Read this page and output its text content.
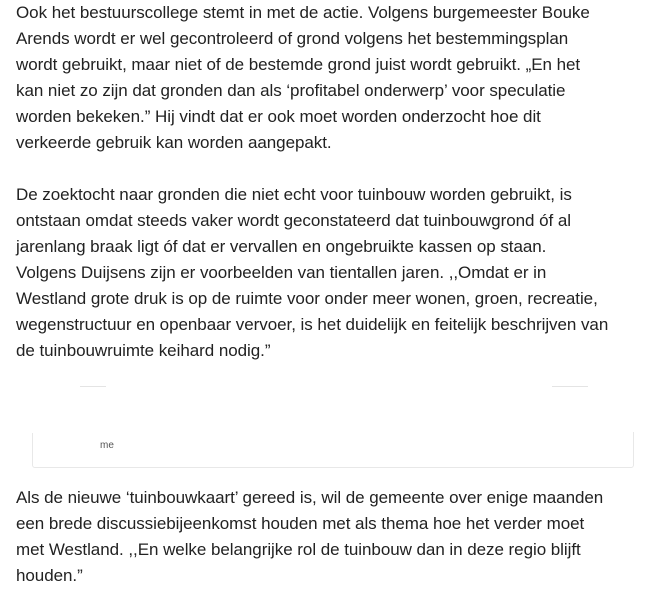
Ook het bestuurscollege stemt in met de actie. Volgens burgemeester Bouke
Arends wordt er wel gecontroleerd of grond volgens het bestemmingsplan
wordt gebruikt, maar niet of de bestemde grond juist wordt gebruikt. „En het
kan niet zo zijn dat gronden dan als ‘profitabel onderwerp’ voor speculatie
worden bekeken.” Hij vindt dat er ook moet worden onderzocht hoe dit
verkeerde gebruik kan worden aangepakt.

De zoektocht naar gronden die niet echt voor tuinbouw worden gebruikt, is
ontstaan omdat steeds vaker wordt geconstateerd dat tuinbouwgrond óf al
jarenlang braak ligt óf dat er vervallen en ongebruikte kassen op staan.
Volgens Duijsens zijn er voorbeelden van tientallen jaren. ,,Omdat er in
Westland grote druk is op de ruimte voor onder meer wonen, groen, recreatie,
wegenstructuur en openbaar vervoer, is het duidelijk en feitelijk beschrijven van
de tuinbouwruimte keihard nodig.”

Als de nieuwe ‘tuinbouwkaart’ gereed is, wil de gemeente over enige maanden
een brede discussiebijeenkomst houden met als thema hoe het verder moet
met Westland. ,,En welke belangrijke rol de tuinbouw dan in deze regio blijft
houden.”

me
